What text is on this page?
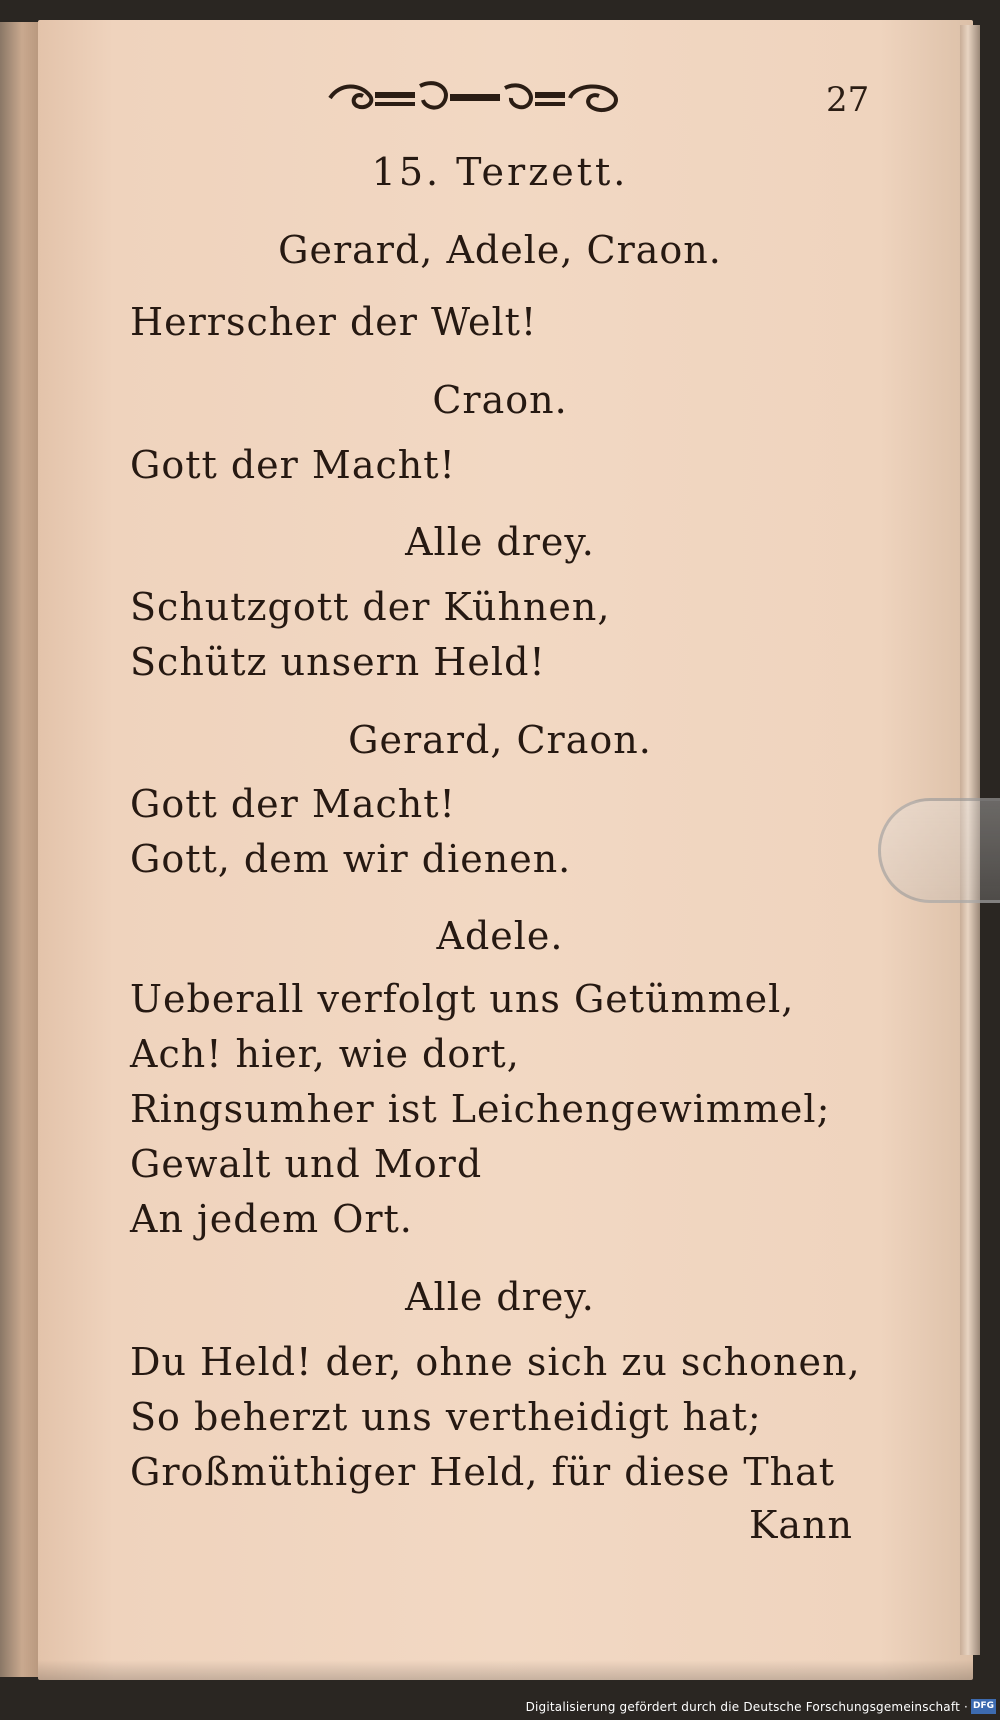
27
15. Terzett.
Gerard, Adele, Craon.
Herrscher der Welt!
Craon.
Gott der Macht!
Alle drey.
Schutzgott der Kühnen,
Schütz unsern Held!
Gerard, Craon.
Gott der Macht!
Gott, dem wir dienen.
Adele.
Ueberall verfolgt uns Getümmel,
Ach! hier, wie dort,
Ringsumher ist Leichengewimmel;
Gewalt und Mord
An jedem Ort.
Alle drey.
Du Held! der, ohne sich zu schonen,
So beherzt uns vertheidigt hat;
Großmüthiger Held, für diese That
Kann
Digitalisierung gefördert durch die Deutsche Forschungsgemeinschaft · DFG
